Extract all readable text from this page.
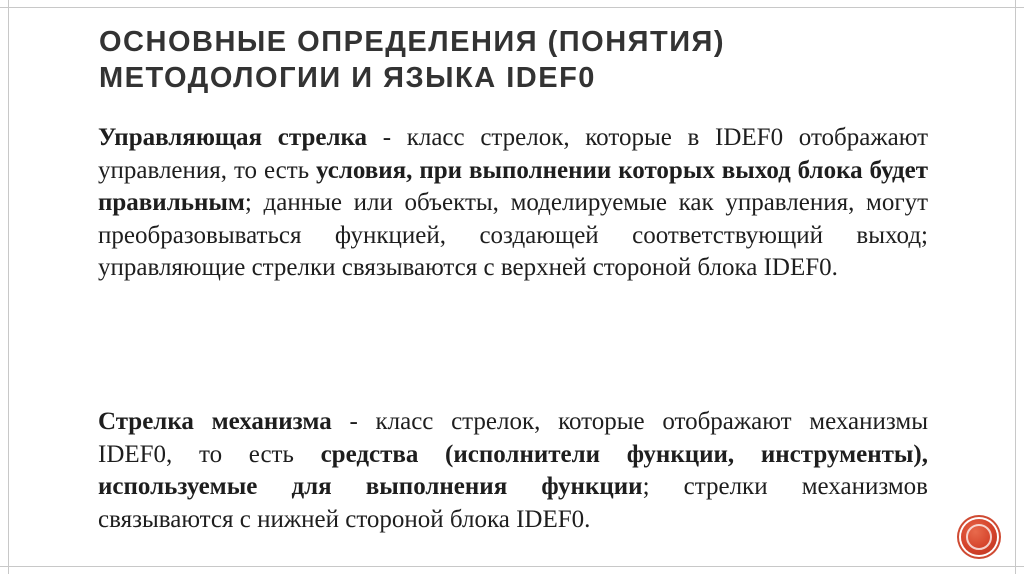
ОСНОВНЫЕ ОПРЕДЕЛЕНИЯ (ПОНЯТИЯ)
МЕТОДОЛОГИИ И ЯЗЫКА IDEF0

Управляющая стрелка - класс стрелок, которые в IDEF0 отображают управления, то есть условия, при выполнении которых выход блока будет правильным; данные или объекты, моделируемые как управления, могут преобразовываться функцией, создающей соответствующий выход; управляющие стрелки связываются с верхней стороной блока IDEF0.

Стрелка механизма - класс стрелок, которые отображают механизмы IDEF0, то есть средства (исполнители функции, инструменты), используемые для выполнения функции; стрелки механизмов связываются с нижней стороной блока IDEF0.
